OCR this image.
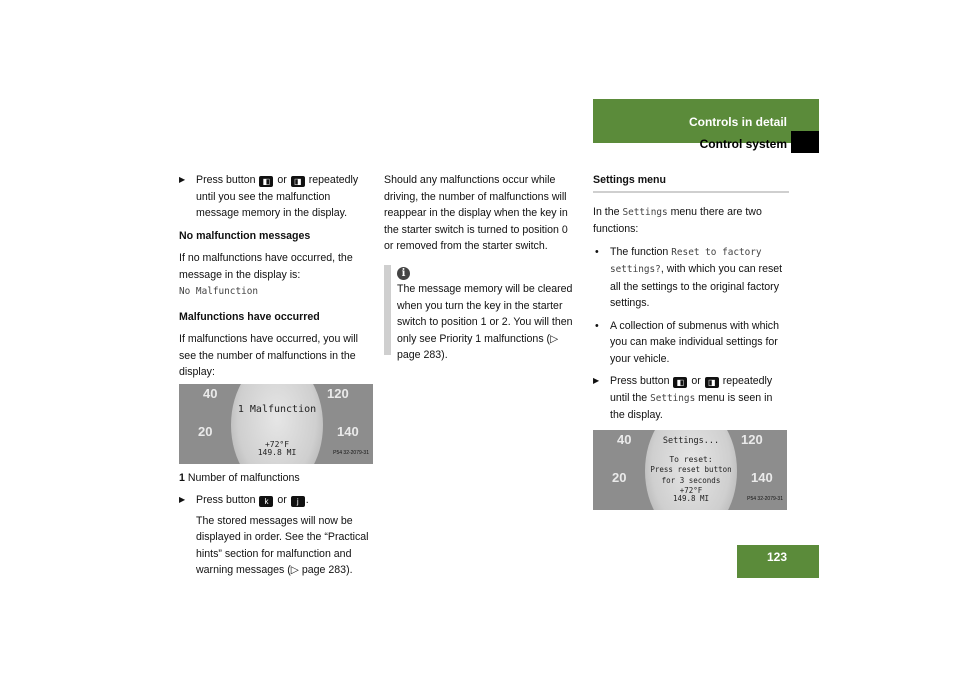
Controls in detail
Control system
▶ Press button ◧ or ◨ repeatedly until you see the malfunction message memory in the display.

No malfunction messages

If no malfunctions have occurred, the message in the display is:
No Malfunction

Malfunctions have occurred

If malfunctions have occurred, you will see the number of malfunctions in the display:

40
20
120
140
1 Malfunction
+72°F
149.8 MI	P54 32-2079-31

1 Number of malfunctions

▶ Press button k or j .
The stored messages will now be displayed in order. See the “Practical hints” section for malfunction and warning messages (▷ page 283).

Should any malfunctions occur while driving, the number of malfunctions will reappear in the display when the key in the starter switch is turned to position 0 or removed from the starter switch.

i
The message memory will be cleared when you turn the key in the starter switch to position 1 or 2. You will then only see Priority 1 malfunctions (▷ page 283).
Settings menu

In the Settings menu there are two functions:

• The function Reset to factory settings?, with which you can reset all the settings to the original factory settings.
• A collection of submenus with which you can make individual settings for your vehicle.
▶ Press button ◧ or ◨ repeatedly until the Settings menu is seen in the display.
40
20
120
140
Settings...
To reset:
Press reset button
for 3 seconds
+72°F
149.8 MI	P54 32-2079-31
123
